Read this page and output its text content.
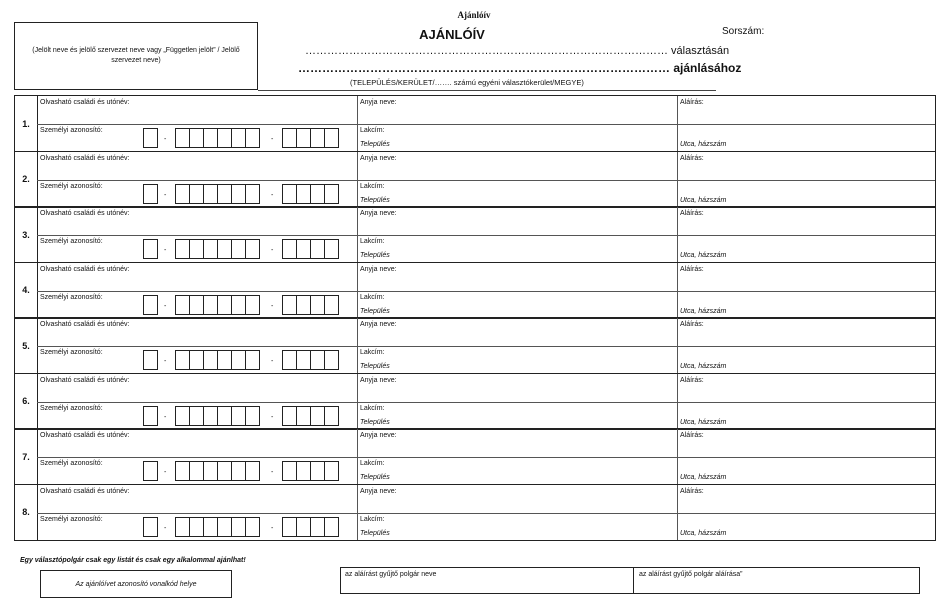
Ajánlóív
(Jelölt neve és jelölő szervezet neve vagy „Független jelölt” / Jelölő szervezet neve)
AJÁNLÓÍV	Sorszám:
……………………………………………………………………………………… választásán
………………………………………………………………………………… ajánlásához
(TELEPÜLÉS/KERÜLET/……. számú egyéni választókerület/MEGYE)
1.
Olvasható családi és utónév:	Anyja neve:	Aláírás:
Személyi azonosító:	Lakcím:
Település	Utca, házszám
-	-
2.
Olvasható családi és utónév:	Anyja neve:	Aláírás:
Személyi azonosító:	Lakcím:
Település	Utca, házszám
-	-
3.
Olvasható családi és utónév:	Anyja neve:	Aláírás:
Személyi azonosító:	Lakcím:
Település	Utca, házszám
-	-
4.
Olvasható családi és utónév:	Anyja neve:	Aláírás:
Személyi azonosító:	Lakcím:
Település	Utca, házszám
-	-
5.
Olvasható családi és utónév:	Anyja neve:	Aláírás:
Személyi azonosító:	Lakcím:
Település	Utca, házszám
-	-
6.
Olvasható családi és utónév:	Anyja neve:	Aláírás:
Személyi azonosító:	Lakcím:
Település	Utca, házszám
-	-
7.
Olvasható családi és utónév:	Anyja neve:	Aláírás:
Személyi azonosító:	Lakcím:
Település	Utca, házszám
-	-
8.
Olvasható családi és utónév:	Anyja neve:	Aláírás:
Személyi azonosító:	Lakcím:
Település	Utca, házszám
-	-
Egy választópolgár csak egy listát és csak egy alkalommal ajánlhat!
Az ajánlóívet azonosító vonalkód helye
az aláírást gyűjtő polgár neve	az aláírást gyűjtő polgár aláírása”
